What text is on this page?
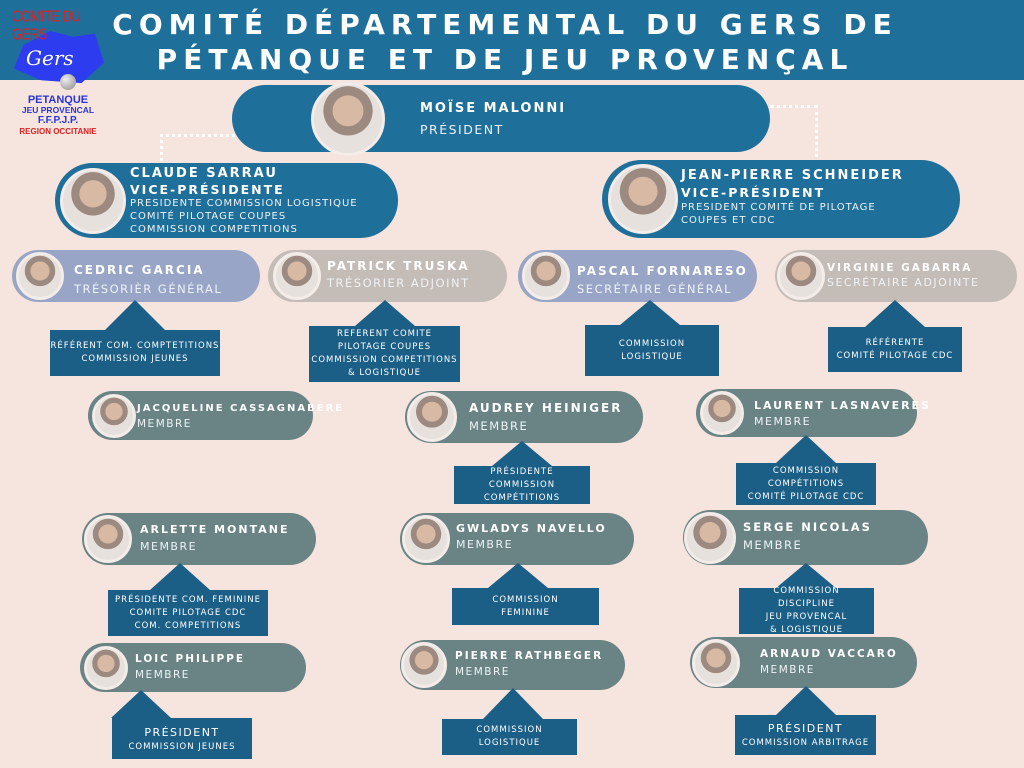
COMITÉ DÉPARTEMENTAL DU GERS DE
PÉTANQUE ET DE JEU PROVENÇAL
COMITE DU GERS
Gers
PETANQUE
JEU PROVENCAL
F.F.P.J.P.
REGION OCCITANIE
MOÏSE MALONNI
PRÉSIDENT
CLAUDE SARRAU
VICE-PRÉSIDENTE
PRESIDENTE COMMISSION LOGISTIQUE
COMITÉ PILOTAGE COUPES
COMMISSION COMPETITIONS
JEAN-PIERRE SCHNEIDER
VICE-PRÉSIDENT
PRESIDENT COMITÉ DE PILOTAGE
COUPES ET CDC
CEDRIC GARCIA
TRÉSORIÈR GÉNÉRAL
RÉFÉRENT COM. COMPTETITIONS
COMMISSION JEUNES
PATRICK TRUSKA
TRÉSORIER ADJOINT
REFERENT COMITE
PILOTAGE COUPES
COMMISSION COMPETITIONS
& LOGISTIQUE
PASCAL FORNARESO
SECRÉTAIRE GÉNÉRAL
COMMISSION
LOGISTIQUE
VIRGINIE GABARRA
SECRÉTAIRE ADJOINTE
RÉFÉRENTE
COMITÉ PILOTAGE CDC
JACQUELINE CASSAGNABERE
MEMBRE
AUDREY HEINIGER
MEMBRE
PRÉSIDENTE
COMMISSION
COMPÉTITIONS
LAURENT LASNAVERES
MEMBRE
COMMISSION
COMPÉTITIONS
COMITÉ PILOTAGE CDC
ARLETTE MONTANE
MEMBRE
PRÉSIDENTE COM. FEMININE
COMITE PILOTAGE CDC
COM. COMPETITIONS
GWLADYS NAVELLO
MEMBRE
COMMISSION
FEMININE
SERGE NICOLAS
MEMBRE
COMMISSION
DISCIPLINE
JEU PROVENCAL
& LOGISTIQUE
LOIC PHILIPPE
MEMBRE
PRÉSIDENT
COMMISSION JEUNES
PIERRE RATHBEGER
MEMBRE
COMMISSION
LOGISTIQUE
ARNAUD VACCARO
MEMBRE
PRÉSIDENT
COMMISSION ARBITRAGE
